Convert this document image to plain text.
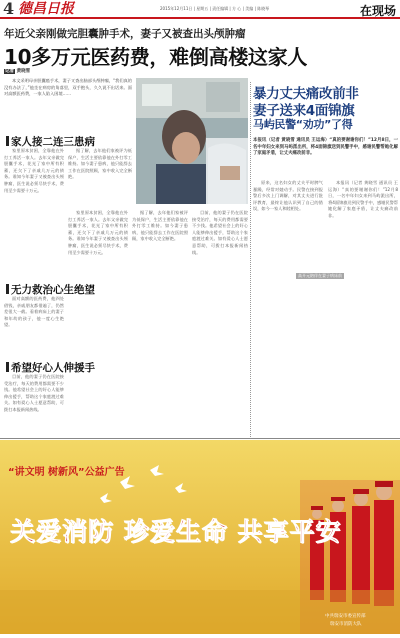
4 德昌日报	2015年12月11日 | 星期五 | 责任编辑 | 方 心 | 美编 | 陈晓琴	在现场
年近父亲刚做完胆囊肿手术，妻子又被查出头颅肿瘤
10多万元医药费，难倒高楼这家人
记者 黄晓雪
本文采明母亲胆囊癌手术，妻子又查出脑部头颅肿瘤，“我们真的没有办法了，”他坐在病房的角落里，双手抱头，久久说不出话来。面对高额医药费，一家人陷入困境……
家人接二连三患病
家里原本贫困，全靠他在外打工养活一家人。去年父亲做完胆囊手术，花光了家中所有积蓄，还欠下了亲戚几万元的债务。谁知今年妻子又被查出头颅肿瘤，医生说必须尽快手术，费用至少需要十万元。
据了解，去年他们家被评为低保户，生活主要依靠他在外打零工维持。如今妻子患病，他只能辞去工作在医院照顾，家中收入完全断绝。
高开元陪伴在妻子病床前
无力救治心生绝望
面对高额的医药费，他四处借钱，亲戚朋友都借遍了，仍然差很大一截。看着病床上的妻子和年幼的孩子，他一度心生绝望。
希望好心人伸援手
目前，他的妻子仍在医院接受治疗，每天的费用都需要不少钱。他希望社会上的好心人能够伸出援手，帮助这个家庭渡过难关。如有爱心人士愿意帮助，可拨打本报新闻热线。
家里原本贫困，全靠他在外打工养活一家人。去年父亲做完胆囊手术，花光了家中所有积蓄，还欠下了亲戚几万元的债务。谁知今年妻子又被查出头颅肿瘤，医生说必须尽快手术，费用至少需要十万元。
据了解，去年他们家被评为低保户，生活主要依靠他在外打零工维持。如今妻子患病，他只能辞去工作在医院照顾，家中收入完全断绝。
目前，他的妻子仍在医院接受治疗，每天的费用都需要不少钱。他希望社会上的好心人能够伸出援手，帮助这个家庭渡过难关。如有爱心人士愿意帮助，可拨打本报新闻热线。
暴力丈夫痛改前非
妻子送来4面锦旗
马屿民警“劝功”了得
本报讯（记者 黄晓雪 通讯员 王运海）“真的要谢谢你们！”12月8日，一名中年妇女来到马屿派出所，将4面锦旗送到民警手中，感谢民警帮她化解了家庭矛盾，让丈夫痛改前非。
原来，这名妇女的丈夫平时脾气暴躁，经常对她动手。民警在接到报警后多次上门调解，对其丈夫进行批评教育，最终让他认识到了自己的错误，如今一家人和睦相处。
本报讯（记者 黄晓雪 通讯员 王运海）“真的要谢谢你们！”12月8日，一名中年妇女来到马屿派出所，将4面锦旗送到民警手中，感谢民警帮她化解了家庭矛盾，让丈夫痛改前非。
“讲文明 树新风”公益广告
关爱消防 珍爱生命 共享平安
中共瑞安市委宣传部
瑞安市消防大队
